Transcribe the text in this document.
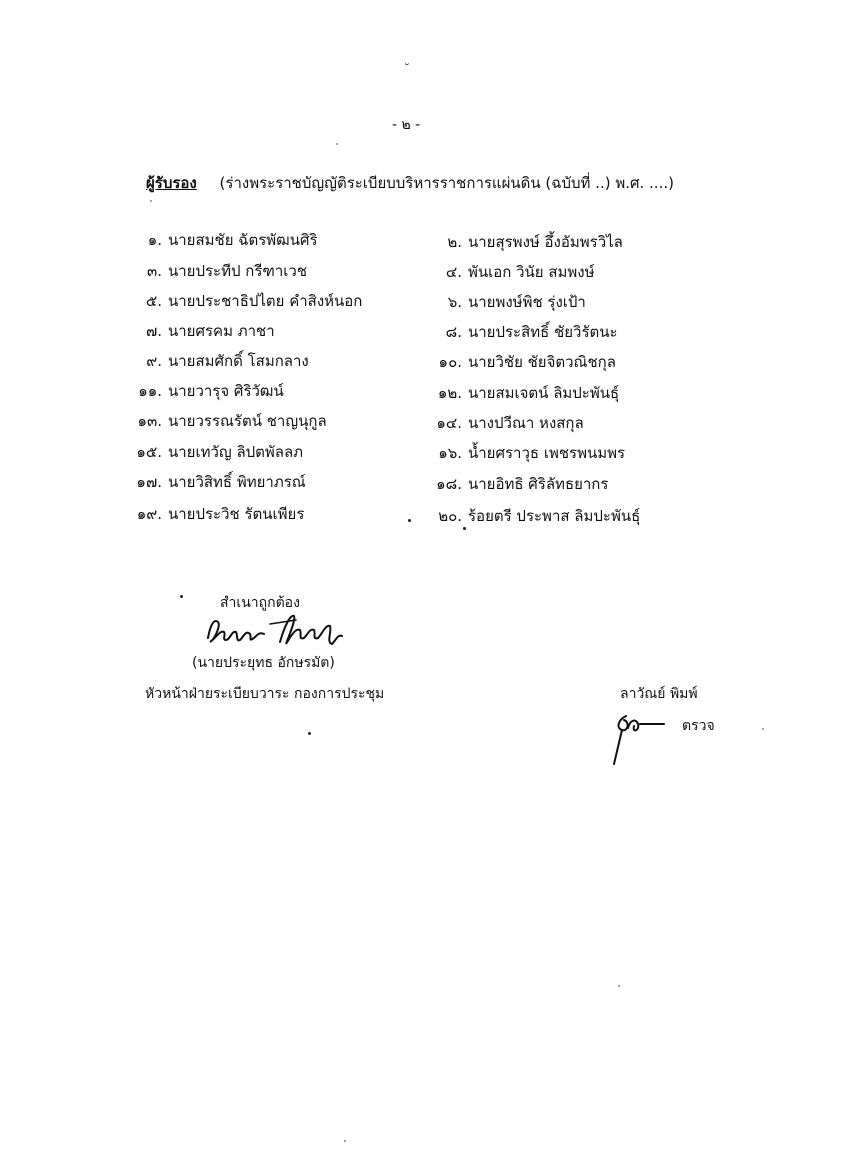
˘
- ๒ -
ผู้รับรอง (ร่างพระราชบัญญัติระเบียบบริหารราชการแผ่นดิน (ฉบับที่ ..) พ.ศ. ....)
๑. นายสมชัย ฉัตรพัฒนศิริ
๓. นายประทีป กรีฑาเวช
๕. นายประชาธิปไตย คำสิงห์นอก
๗. นายศรคม ภาชา
๙. นายสมศักดิ์ โสมกลาง
๑๑. นายวารุจ ศิริวัฒน์
๑๓. นายวรรณรัตน์ ชาญนุกูล
๑๕. นายเทวัญ ลิปตพัลลภ
๑๗. นายวิสิทธิ์ พิทยาภรณ์
๑๙. นายประวิช รัตนเพียร
๒. นายสุรพงษ์ อึ้งอัมพรวิไล
๔. พันเอก วินัย สมพงษ์
๖. นายพงษ์พิช รุ่งเป้า
๘. นายประสิทธิ์ ชัยวิรัตนะ
๑๐. นายวิชัย ชัยจิตวณิชกุล
๑๒. นายสมเจตน์ ลิมปะพันธุ์
๑๔. นางปวีณา หงสกุล
๑๖. น้ำยศราวุธ เพชรพนมพร
๑๘. นายอิทธิ ศิริลัทธยากร
๒๐. ร้อยตรี ประพาส ลิมปะพันธุ์
สำเนาถูกต้อง
(นายประยุทธ อักษรมัต)
หัวหน้าฝ่ายระเบียบวาระ กองการประชุม	ลาวัณย์ พิมพ์
ตรวจ
